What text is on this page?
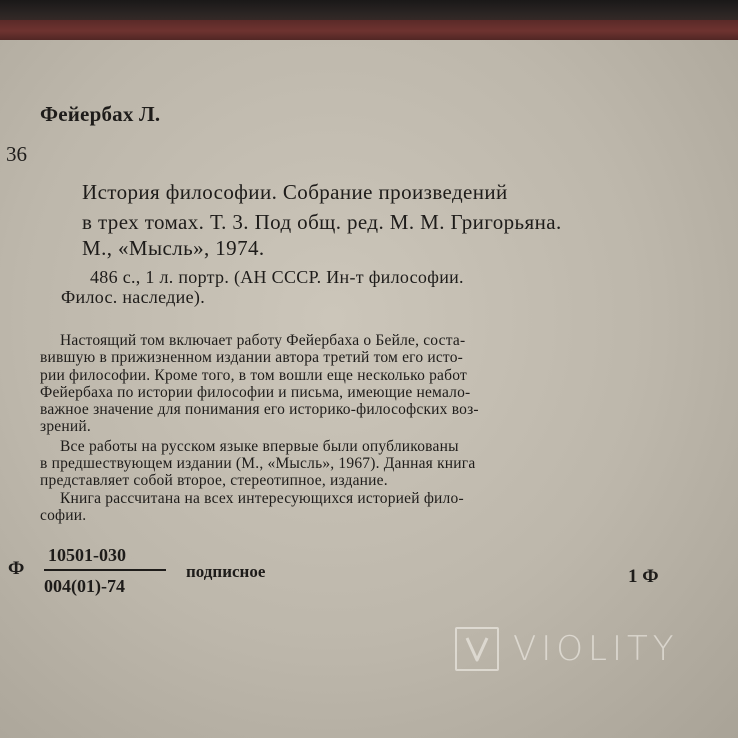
Фейербах Л.
36
История философии. Собрание произведений
в трех томах. Т. 3. Под общ. ред. М. М. Григорьяна.
М., «Мысль», 1974.
486 с., 1 л. портр. (АН СССР. Ин-т философии.
Филос. наследие).
Настоящий том включает работу Фейербаха о Бейле, соста-
вившую в прижизненном издании автора третий том его исто-
рии философии. Кроме того, в том вошли еще несколько работ
Фейербаха по истории философии и письма, имеющие немало-
важное значение для понимания его историко-философских воз-
зрений.
Все работы на русском языке впервые были опубликованы
в предшествующем издании (М., «Мысль», 1967). Данная книга
представляет собой второе, стереотипное, издание.
Книга рассчитана на всех интересующихся историей фило-
софии.
Ф
10501-030
004(01)-74
подписное	1 Ф
VIOLITY
